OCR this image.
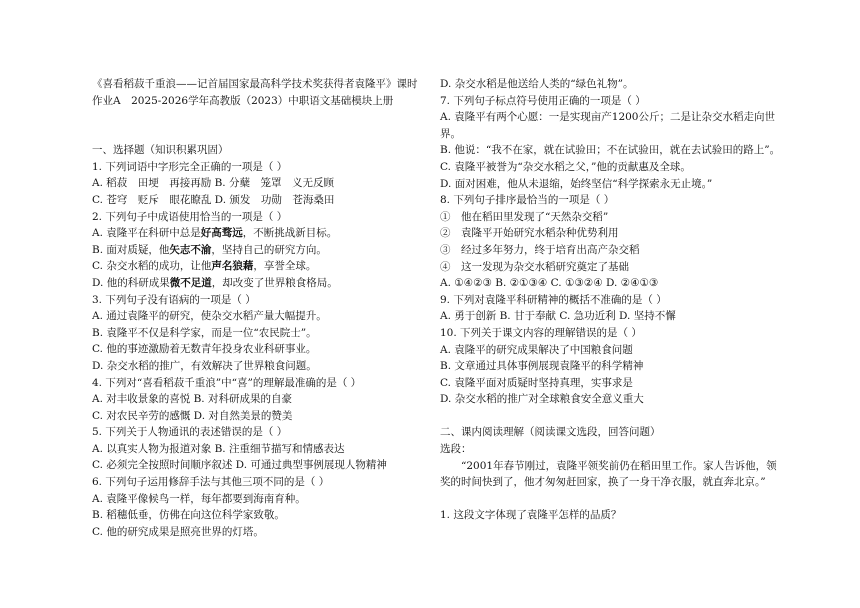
《喜看稻菽千重浪——记首届国家最高科学技术奖获得者袁隆平》课时
作业A　2025-2026学年高教版（2023）中职语文基础模块上册
一、选择题（知识积累巩固）
1. 下列词语中字形完全正确的一项是（ ）
A. 稻菽　田埂　再接再励 B. 分蘖　笼罩　义无反顾
C. 苍穹　贬斥　眼花瞭乱 D. 颁发　功勋　苍海桑田
2. 下列句子中成语使用恰当的一项是（ ）
A. 袁隆平在科研中总是好高骛远，不断挑战新目标。
B. 面对质疑，他矢志不渝，坚持自己的研究方向。
C. 杂交水稻的成功，让他声名狼藉，享誉全球。
D. 他的科研成果微不足道，却改变了世界粮食格局。
3. 下列句子没有语病的一项是（ ）
A. 通过袁隆平的研究，使杂交水稻产量大幅提升。
B. 袁隆平不仅是科学家，而是一位“农民院士”。
C. 他的事迹激励着无数青年投身农业科研事业。
D. 杂交水稻的推广，有效解决了世界粮食问题。
4. 下列对“喜看稻菽千重浪”中“喜”的理解最准确的是（ ）
A. 对丰收景象的喜悦 B. 对科研成果的自豪
C. 对农民辛劳的感慨 D. 对自然美景的赞美
5. 下列关于人物通讯的表述错误的是（ ）
A. 以真实人物为报道对象 B. 注重细节描写和情感表达
C. 必须完全按照时间顺序叙述 D. 可通过典型事例展现人物精神
6. 下列句子运用修辞手法与其他三项不同的是（ ）
A. 袁隆平像候鸟一样，每年都要到海南育种。
B. 稻穗低垂，仿佛在向这位科学家致敬。
C. 他的研究成果是照亮世界的灯塔。
D. 杂交水稻是他送给人类的“绿色礼物”。
7. 下列句子标点符号使用正确的一项是（ ）
A. 袁隆平有两个心愿：一是实现亩产1200公斤；二是让杂交水稻走向世界。
B. 他说：“我不在家，就在试验田；不在试验田，就在去试验田的路上”。
C. 袁隆平被誉为“杂交水稻之父，”他的贡献惠及全球。
D. 面对困难，他从未退缩，始终坚信“科学探索永无止境。”
8. 下列句子排序最恰当的一项是（ ）
①　他在稻田里发现了“天然杂交稻”
②　袁隆平开始研究水稻杂种优势利用
③　经过多年努力，终于培育出高产杂交稻
④　这一发现为杂交水稻研究奠定了基础
A. ①④②③ B. ②①③④ C. ①③②④ D. ②④①③
9. 下列对袁隆平科研精神的概括不准确的是（ ）
A. 勇于创新 B. 甘于奉献 C. 急功近利 D. 坚持不懈
10. 下列关于课文内容的理解错误的是（ ）
A. 袁隆平的研究成果解决了中国粮食问题
B. 文章通过具体事例展现袁隆平的科学精神
C. 袁隆平面对质疑时坚持真理，实事求是
D. 杂交水稻的推广对全球粮食安全意义重大
二、课内阅读理解（阅读课文选段，回答问题）
选段：
“2001年春节刚过，袁隆平领奖前仍在稻田里工作。家人告诉他，领奖的时间快到了，他才匆匆赶回家，换了一身干净衣服，就直奔北京。”
1. 这段文字体现了袁隆平怎样的品质？
